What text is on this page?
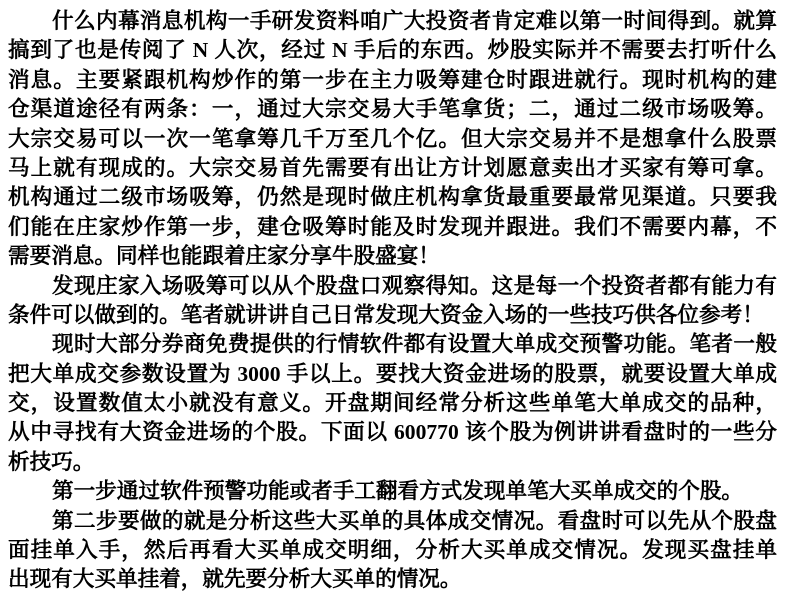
什么内幕消息机构一手研发资料咱广大投资者肯定难以第一时间得到。就算
搞到了也是传阅了 N 人次，经过 N 手后的东西。炒股实际并不需要去打听什么
消息。主要紧跟机构炒作的第一步在主力吸筹建仓时跟进就行。现时机构的建
仓渠道途径有两条：一，通过大宗交易大手笔拿货；二，通过二级市场吸筹。
大宗交易可以一次一笔拿筹几千万至几个亿。但大宗交易并不是想拿什么股票
马上就有现成的。大宗交易首先需要有出让方计划愿意卖出才买家有筹可拿。
机构通过二级市场吸筹，仍然是现时做庄机构拿货最重要最常见渠道。只要我
们能在庄家炒作第一步，建仓吸筹时能及时发现并跟进。我们不需要内幕，不
需要消息。同样也能跟着庄家分享牛股盛宴！
发现庄家入场吸筹可以从个股盘口观察得知。这是每一个投资者都有能力有
条件可以做到的。笔者就讲讲自己日常发现大资金入场的一些技巧供各位参考！
现时大部分券商免费提供的行情软件都有设置大单成交预警功能。笔者一般
把大单成交参数设置为 3000 手以上。要找大资金进场的股票，就要设置大单成
交，设置数值太小就没有意义。开盘期间经常分析这些单笔大单成交的品种，
从中寻找有大资金进场的个股。下面以 600770 该个股为例讲讲看盘时的一些分
析技巧。
第一步通过软件预警功能或者手工翻看方式发现单笔大买单成交的个股。
第二步要做的就是分析这些大买单的具体成交情况。看盘时可以先从个股盘
面挂单入手，然后再看大买单成交明细，分析大买单成交情况。发现买盘挂单
出现有大买单挂着，就先要分析大买单的情况。
